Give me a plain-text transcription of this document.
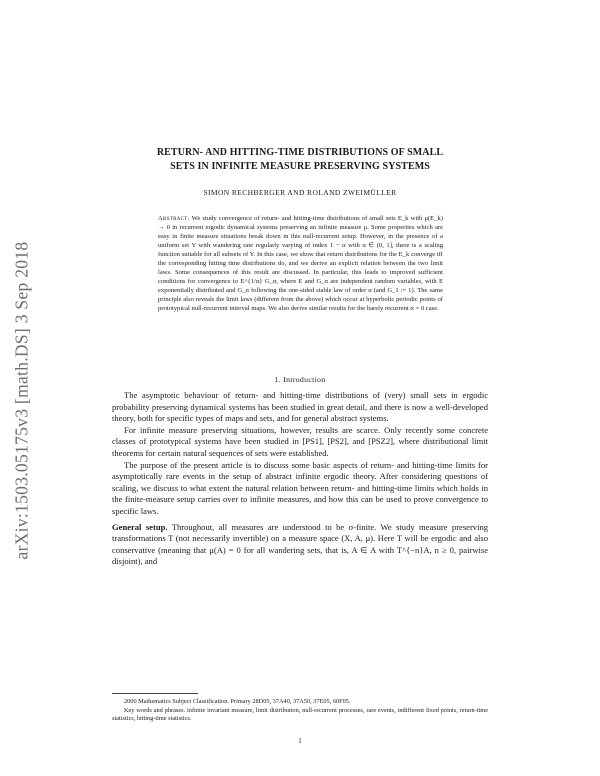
arXiv:1503.05175v3 [math.DS] 3 Sep 2018
RETURN- AND HITTING-TIME DISTRIBUTIONS OF SMALL
SETS IN INFINITE MEASURE PRESERVING SYSTEMS
SIMON RECHBERGER AND ROLAND ZWEIMÜLLER
Abstract. We study convergence of return- and hitting-time distributions of small sets E_k with μ(E_k) → 0 in recurrent ergodic dynamical systems preserving an infinite measure μ. Some properties which are easy in finite measure situations break down in this null-recurrent setup. However, in the presence of a uniform set Y with wandering rate regularly varying of index 1 − α with α ∈ (0, 1], there is a scaling function suitable for all subsets of Y. In this case, we show that return distributions for the E_k converge iff the corresponding hitting time distributions do, and we derive an explicit relation between the two limit laws. Some consequences of this result are discussed. In particular, this leads to improved sufficient conditions for convergence to E^{1/α} G_α, where E and G_α are independent random variables, with E exponentially distributed and G_α following the one-sided stable law of order α (and G_1 := 1). The same principle also reveals the limit laws (different from the above) which occur at hyperbolic periodic points of prototypical null-recurrent interval maps. We also derive similar results for the barely recurrent α = 0 case.
1. Introduction

The asymptotic behaviour of return- and hitting-time distributions of (very) small sets in ergodic probability preserving dynamical systems has been studied in great detail, and there is now a well-developed theory, both for specific types of maps and sets, and for general abstract systems.

For infinite measure preserving situations, however, results are scarce. Only recently some concrete classes of prototypical systems have been studied in [PS1], [PS2], and [PSZ2], where distributional limit theorems for certain natural sequences of sets were established.

The purpose of the present article is to discuss some basic aspects of return- and hitting-time limits for asymptotically rare events in the setup of abstract infinite ergodic theory. After considering questions of scaling, we discuss to what extent the natural relation between return- and hitting-time limits which holds in the finite-measure setup carries over to infinite measures, and how this can be used to prove convergence to specific laws.

General setup. Throughout, all measures are understood to be σ-finite. We study measure preserving transformations T (not necessarily invertible) on a measure space (X, A, μ). Here T will be ergodic and also conservative (meaning that μ(A) = 0 for all wandering sets, that is, A ∈ A with T^{−n}A, n ≥ 0, pairwise disjoint), and

2000 Mathematics Subject Classification. Primary 28D05, 37A40, 37A50, 37E05, 60F05.

Key words and phrases. infinite invariant measure, limit distribution, null-recurrent processes, rare events, indifferent fixed points, return-time statistics, hitting-time statistics.

1
